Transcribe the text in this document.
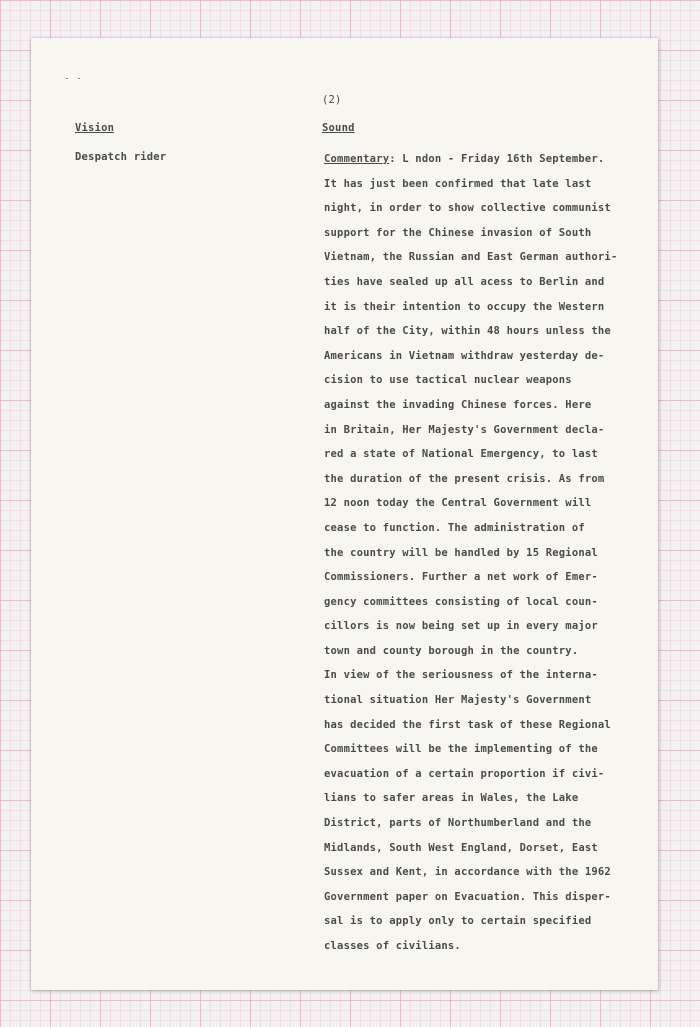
(2)
Vision	Sound
Despatch rider	Commentary: L ndon - Friday 16th September.
It has just been confirmed that late last
night, in order to show collective communist
support for the Chinese invasion of South
Vietnam, the Russian and East German authori-
ties have sealed up all acess to Berlin and
it is their intention to occupy the Western
half of the City, within 48 hours unless the
Americans in Vietnam withdraw yesterday de-
cision to use tactical nuclear weapons
against the invading Chinese forces. Here
in Britain, Her Majesty's Government decla-
red a state of National Emergency, to last
the duration of the present crisis. As from
12 noon today the Central Government will
cease to function. The administration of
the country will be handled by 15 Regional
Commissioners. Further a net work of Emer-
gency committees consisting of local coun-
cillors is now being set up in every major
town and county borough in the country.
In view of the seriousness of the interna-
tional situation Her Majesty's Government
has decided the first task of these Regional
Committees will be the implementing of the
evacuation of a certain proportion if civi-
lians to safer areas in Wales, the Lake
District, parts of Northumberland and the
Midlands, South West England, Dorset, East
Sussex and Kent, in accordance with the 1962
Government paper on Evacuation. This disper-
sal is to apply only to certain specified
classes of civilians.
